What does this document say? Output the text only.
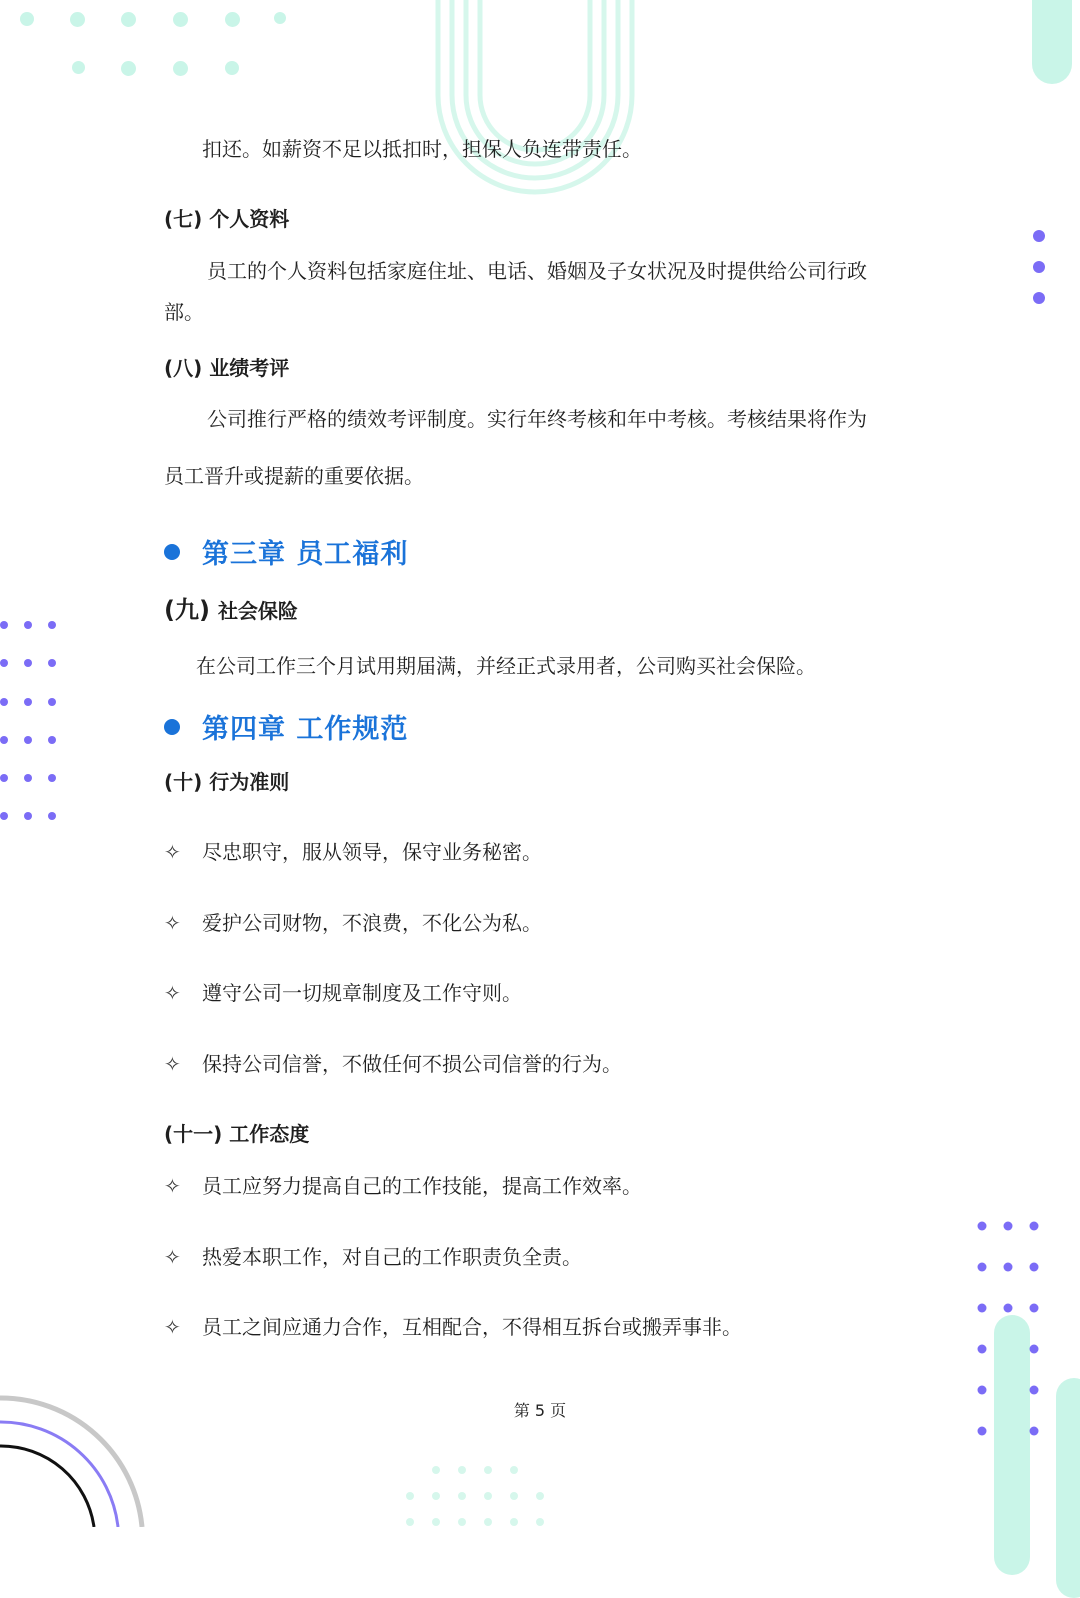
扣还。如薪资不足以抵扣时，担保人负连带责任。

(七) 个人资料

员工的个人资料包括家庭住址、电话、婚姻及子女状况及时提供给公司行政

部。

(八) 业绩考评

公司推行严格的绩效考评制度。实行年终考核和年中考核。考核结果将作为

员工晋升或提薪的重要依据。

第三章 员工福利
(九) 社会保险

在公司工作三个月试用期届满，并经正式录用者，公司购买社会保险。

第四章 工作规范

(十) 行为准则

✧	尽忠职守，服从领导，保守业务秘密。
✧	爱护公司财物，不浪费，不化公为私。
✧	遵守公司一切规章制度及工作守则。
✧	保持公司信誉，不做任何不损公司信誉的行为。

(十一) 工作态度

✧	员工应努力提高自己的工作技能，提高工作效率。
✧	热爱本职工作，对自己的工作职责负全责。
✧	员工之间应通力合作，互相配合，不得相互拆台或搬弄事非。
第 5 页
